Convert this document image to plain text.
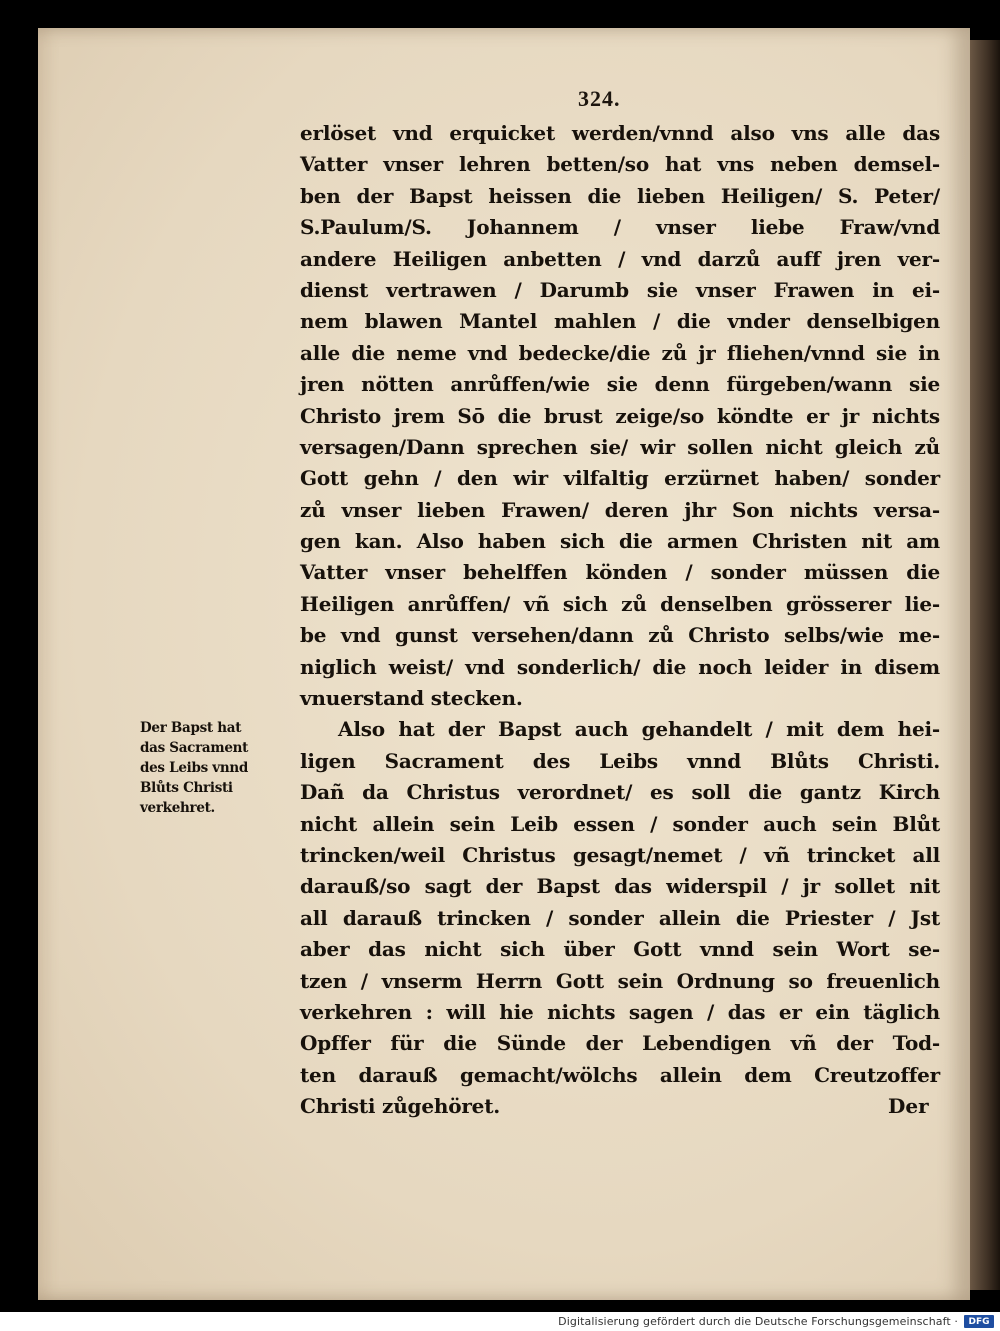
324.
erlöset vnd erquicket werden/vnnd also vns alle das
Vatter vnser lehren betten/so hat vns neben demsel-
ben der Bapst heissen die lieben Heiligen/ S. Peter/
S.Paulum/S. Johannem / vnser liebe Fraw/vnd
andere Heiligen anbetten / vnd darzů auff jren ver-
dienst vertrawen / Darumb sie vnser Frawen in ei-
nem blawen Mantel mahlen / die vnder denselbigen
alle die neme vnd bedecke/die zů jr fliehen/vnnd sie in
jren nötten anrůffen/wie sie denn fürgeben/wann sie
Christo jrem Sō die brust zeige/so köndte er jr nichts
versagen/Dann sprechen sie/ wir sollen nicht gleich zů
Gott gehn / den wir vilfaltig erzürnet haben/ sonder
zů vnser lieben Frawen/ deren jhr Son nichts versa-
gen kan. Also haben sich die armen Christen nit am
Vatter vnser behelffen könden / sonder müssen die
Heiligen anrůffen/ vñ sich zů denselben grösserer lie-
be vnd gunst versehen/dann zů Christo selbs/wie me-
niglich weist/ vnd sonderlich/ die noch leider in disem
vnuerstand stecken.
Also hat der Bapst auch gehandelt / mit dem hei-
ligen Sacrament des Leibs vnnd Blůts Christi.
Dañ da Christus verordnet/ es soll die gantz Kirch
nicht allein sein Leib essen / sonder auch sein Blůt
trincken/weil Christus gesagt/nemet / vñ trincket all
darauß/so sagt der Bapst das widerspil / jr sollet nit
all darauß trincken / sonder allein die Priester / Jst
aber das nicht sich über Gott vnnd sein Wort se-
tzen / vnserm Herrn Gott sein Ordnung so freuenlich
verkehren : will hie nichts sagen / das er ein täglich
Opffer für die Sünde der Lebendigen vñ der Tod-
ten darauß gemacht/wölchs allein dem Creutzoffer
Christi zůgehöret.
Der Bapst hat
das Sacrament
des Leibs vnnd
Blůts Christi
verkehret.
Der
Digitalisierung gefördert durch die Deutsche Forschungsgemeinschaft ·	DFG
